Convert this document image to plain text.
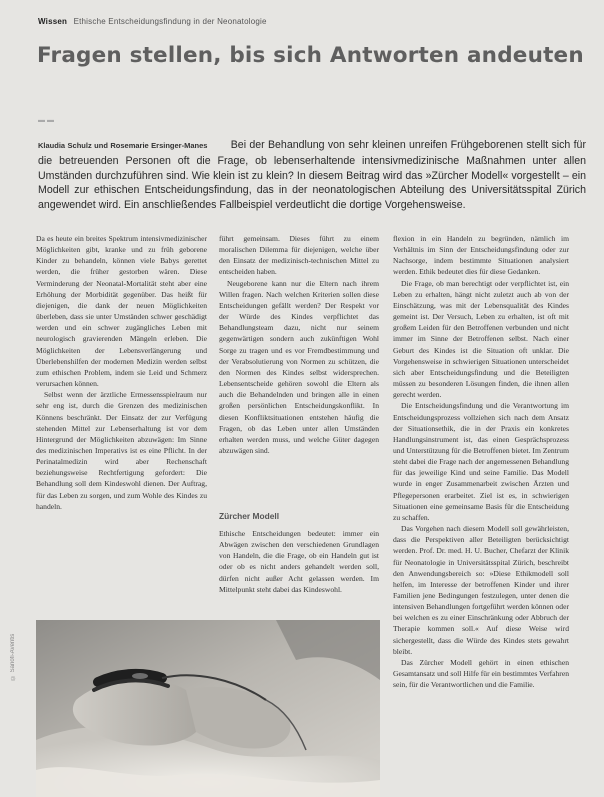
Wissen Ethische Entscheidungsfindung in der Neonatologie
Fragen stellen, bis sich Antworten andeuten
▬ ▬
Klaudia Schulz und Rosemarie Ersinger-Manes Bei der Behandlung von sehr kleinen unreifen Frühgeborenen stellt sich für die betreuenden Personen oft die Frage, ob lebenserhaltende intensivmedizinische Maßnahmen unter allen Umständen durchzuführen sind. Wie klein ist zu klein? In diesem Beitrag wird das »Zürcher Modell« vorgestellt – ein Modell zur ethischen Entscheidungsfindung, das in der neonatologischen Abteilung des Universitätsspital Zürich angewendet wird. Ein anschließendes Fallbeispiel verdeutlicht die dortige Vorgehensweise.

Da es heute ein breites Spektrum intensivmedizinischer Möglichkeiten gibt, kranke und zu früh geborene Kinder zu behandeln, können viele Babys gerettet werden, die früher gestorben wären. Diese Verminderung der Neonatal-Mortalität steht aber eine Erhöhung der Morbidität gegenüber. Das heißt für diejenigen, die dank der neuen Möglichkeiten überleben, dass sie unter Umständen schwer geschädigt werden und ein schwer zugängliches Leben mit neurologisch gravierenden Mängeln erleben. Die Möglichkeiten der Lebensverlängerung und Überlebenshilfen der modernen Medizin werden selbst zum ethischen Problem, indem sie Leid und Schmerz verursachen können.

Selbst wenn der ärztliche Ermessensspielraum nur sehr eng ist, durch die Grenzen des medizinischen Könnens beschränkt. Der Einsatz der zur Verfügung stehenden Mittel zur Lebenserhaltung ist vor dem Hintergrund der Möglichkeiten abzuwägen: Im Sinne des medizinischen Imperativs ist es eine Pflicht. In der Perinatalmedizin wird aber Rechenschaft beziehungsweise Rechtfertigung gefordert: Die Behandlung soll dem Kindeswohl dienen. Der Auftrag, für das Leben zu sorgen, und zum Wohle des Kindes zu handeln.

führt gemeinsam. Dieses führt zu einem moralischen Dilemma für diejenigen, welche über den Einsatz der medizinisch-technischen Mittel zu entscheiden haben.

Neugeborene kann nur die Eltern nach ihrem Willen fragen. Nach welchen Kriterien sollen diese Entscheidungen gefällt werden? Der Respekt vor der Würde des Kindes verpflichtet das Behandlungsteam dazu, nicht nur seinem gegenwärtigen sondern auch zukünftigen Wohl Sorge zu tragen und es vor Fremdbestimmung und der Verabsolutierung von Normen zu schützen, die den Normen des Kindes selbst widersprechen. Lebensentscheide gehören sowohl die Eltern als auch die Behandelnden und bringen alle in einen großen persönlichen Entscheidungskonflikt. In diesen Konfliktsituationen entstehen häufig die Fragen, ob das Leben unter allen Umständen erhalten werden muss, und welche Güter dagegen abzuwägen sind.

Zürcher Modell

Ethische Entscheidungen bedeutet: immer ein Abwägen zwischen den verschiedenen Grundlagen von Handeln, die die Frage, ob ein Handeln gut ist oder ob es nicht anders gehandelt werden soll, dürfen nicht außer Acht gelassen werden. Im Mittelpunkt steht dabei das Kindeswohl.

flexion in ein Handeln zu begründen, nämlich im Verhältnis im Sinn der Entscheidungsfindung oder zur Nachsorge, indem bestimmte Situationen analysiert werden. Ethik bedeutet dies für diese Gedanken.

Die Frage, ob man berechtigt oder verpflichtet ist, ein Leben zu erhalten, hängt nicht zuletzt auch ab von der Einschätzung, was mit der Lebensqualität des Kindes gemeint ist. Der Versuch, Leben zu erhalten, ist oft mit großem Leiden für den Betroffenen verbunden und nicht immer im Sinne der Betroffenen selbst. Nach einer Geburt des Kindes ist die Situation oft unklar. Die Vorgehensweise in schwierigen Situationen unterscheidet sich aber Entscheidungsfindung und die Beteiligten müssen zu besonderen Lösungen finden, die ihnen allen gerecht werden.

Die Entscheidungsfindung und die Verantwortung im Entscheidungsprozess vollziehen sich nach dem Ansatz der Situationsethik, die in der Praxis ein konkretes Handlungsinstrument ist, das einen Gesprächsprozess und Unterstützung für die Betroffenen bietet. Im Zentrum steht dabei die Frage nach der angemessenen Behandlung für das jeweilige Kind und seine Familie. Das Modell wurde in enger Zusammenarbeit zwischen Ärzten und Pflegepersonen erarbeitet. Ziel ist es, in schwierigen Situationen eine gemeinsame Basis für die Entscheidung zu schaffen.

Das Vorgehen nach diesem Modell soll gewährleisten, dass die Perspektiven aller Beteiligten berücksichtigt werden. Prof. Dr. med. H. U. Bucher, Chefarzt der Klinik für Neonatologie in Universitätsspital Zürich, beschreibt den Anwendungsbereich so: »Diese Ethikmodell soll helfen, im Interesse der betroffenen Kinder und ihrer Familien jene Bedingungen festzulegen, unter denen die intensiven Behandlungen fortgeführt werden können oder bei welchen es zu einer Einschränkung oder Abbruch der Therapie kommen soll.« Auf diese Weise wird sichergestellt, dass die Würde des Kindes stets gewahrt bleibt.

Das Zürcher Modell gehört in einen ethischen Gesamtansatz und soll Hilfe für ein bestimmtes Verfahren sein, für die Verantwortlichen und die Familie.

© Sanofi-Aventis
